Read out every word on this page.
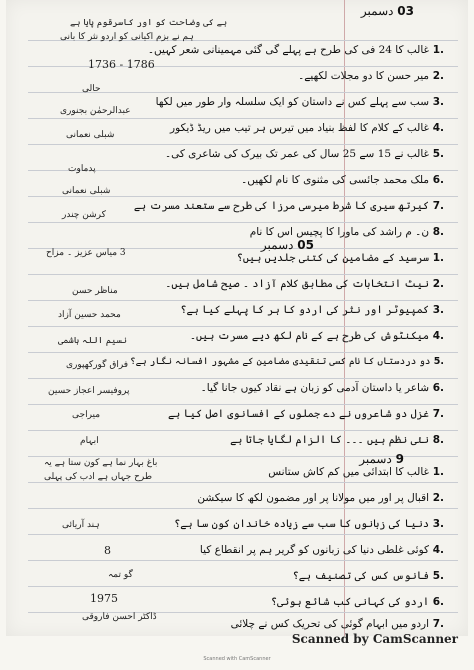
03 دسمبر
ہے کی وضاحت کو اور کاسرقوم پایا ہے
ہم نے بزم اکیانی کو اردو نثر کا بانی
1736 - 1786
.1 غالب کا 24 فی کی طرح ہے پہلے گی گئی مہمینانی شعر کہیں۔
.2 میر حسن کا دو مجلات لکھیے۔
.3 سب سے پہلے کس نے داستان کو ایک سلسلہ وار طور میں لکھا
.4 غالب کے کلام کا لفظ بنیاد میں تیرس ہر تیب میں ریڈ ڈیکور
.5 غالب نے 15 سے 25 سال کی عمر تک بیرک کی شاعری کی۔
.6 ملک محمد جائسی کی مثنوی کا نام لکھیں۔
.7 کیرتھ سیری کا شرط میرسی مرزا کی طرح سے ستعند مسرت ہے
.8 ن۔ م راشد کی ماورا کا پچیس اس کا نام
حالی
عبدالرحمٰن بجنوری
شبلی نعمانی
پدماوت
شبلی نعمانی
کرشن چندر
05 دسمبر
3 میاس عزیز ۔ مزاح	.1 سرسید کے مضامین کی کتنی جلدیں ہیں؟
.2 نیٹ انتخابات کی مطابق کلام آزاد ۔ صیح شامل ہیں۔
.3 کمپیوٹر اور نثر کی اردو کا ہر کا پہلے کیا ہے؟
.4 میکنٹوش کی طرح ہے کے نام لکھ دیے مسرت ہیں۔
.5 دو دردستاں کا نام کسی تنقیدی مضامین کے مشہور افسانہ نگار ہے؟
.6 شاعر یا داستان آدمی کو زبان ہے نقاد کیوں جانا گیا۔
.7 غزل دو شاعروں نے دے جملوں کے افسانوی اصل کیا ہے
.8 نئی نظم ہیں ۔۔۔ کا الزام لگایا جاتا ہے
مناظر حسن
محمد حسین آزاد
نسیم اللہ ہاشمی
فراق گورکھپوری
پروفیسر اعجاز حسین
میراجی
ابہام
9 دسمبر
باغ بہار نما ہے کون ستا ہے یہ
طرح جہاں ہے ادب کی پہلی	.1 غالب کا ابتدائی میں کم کاش ستانس
.2 اقبال پر اور میں مولانا پر اور مضمون لکھ کا سیکشن
.3 دنیا کی زبانوں کا سب سے زیادہ خاندان کون سا ہے؟
.4 کوئی غلطی دنیا کی زبانوں کو گریر ہم پر انقطاع کیا
.5 فانوس کس کی تصنیف ہے؟
.6 اردو کی کہانی کب شائع ہوئی؟
.7 اردو میں ابہام گوئی کی تحریک کس نے چلائی
ہند آریائی
8
گو تمہ
1975
ڈاکٹر احسن فاروقی
Scanned by CamScanner
Scanned with CamScanner
